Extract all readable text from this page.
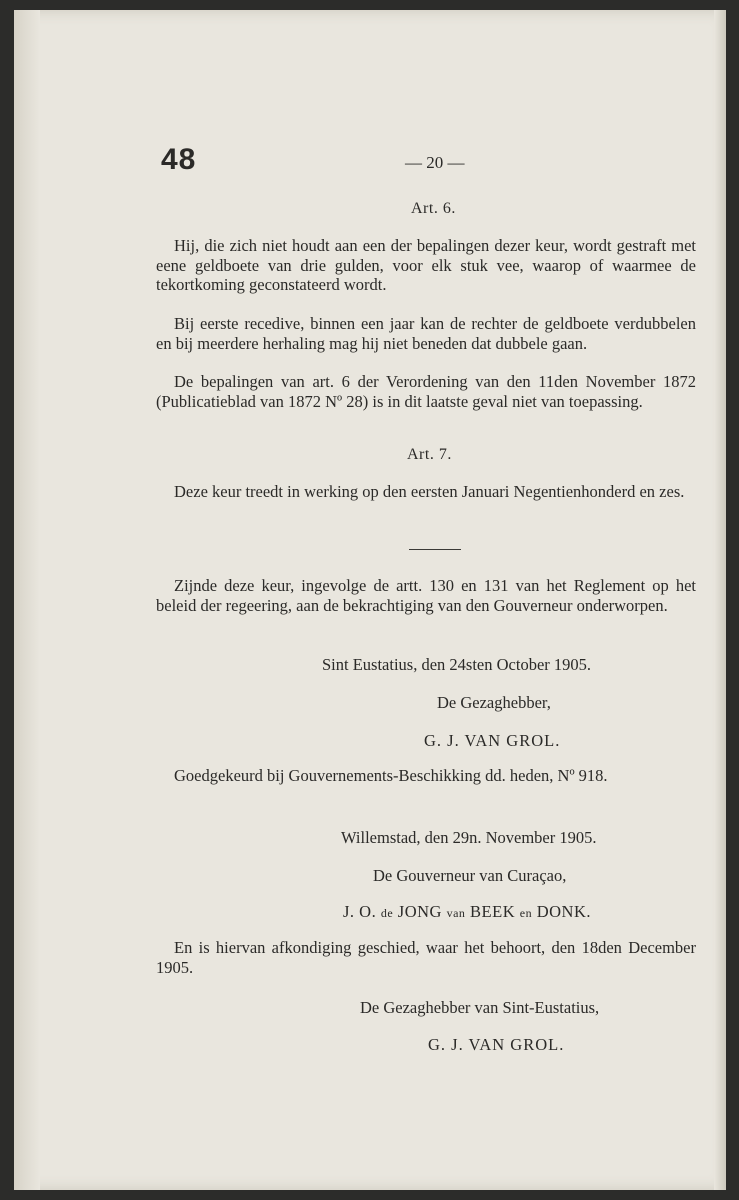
48	— 20 —
Art. 6.

Hij, die zich niet houdt aan een der bepalingen dezer keur, wordt gestraft met eene geldboete van drie gulden, voor elk stuk vee, waarop of waarmee de tekortkoming geconstateerd wordt.

Bij eerste recedive, binnen een jaar kan de rechter de geldboete verdubbelen en bij meerdere herhaling mag hij niet beneden dat dubbele gaan.

De bepalingen van art. 6 der Verordening van den 11den November 1872 (Publicatieblad van 1872 Nº 28) is in dit laatste geval niet van toepassing.

Art. 7.

Deze keur treedt in werking op den eersten Januari Negentienhonderd en zes.

Zijnde deze keur, ingevolge de artt. 130 en 131 van het Reglement op het beleid der regeering, aan de bekrachtiging van den Gouverneur onderworpen.

Sint Eustatius, den 24sten October 1905.
De Gezaghebber,
G. J. VAN GROL.

Goedgekeurd bij Gouvernements-Beschikking dd. heden, Nº 918.

Willemstad, den 29n. November 1905.
De Gouverneur van Curaçao,
J. O. de JONG van BEEK en DONK.

En is hiervan afkondiging geschied, waar het behoort, den 18den December 1905.

De Gezaghebber van Sint-Eustatius,
G. J. VAN GROL.
